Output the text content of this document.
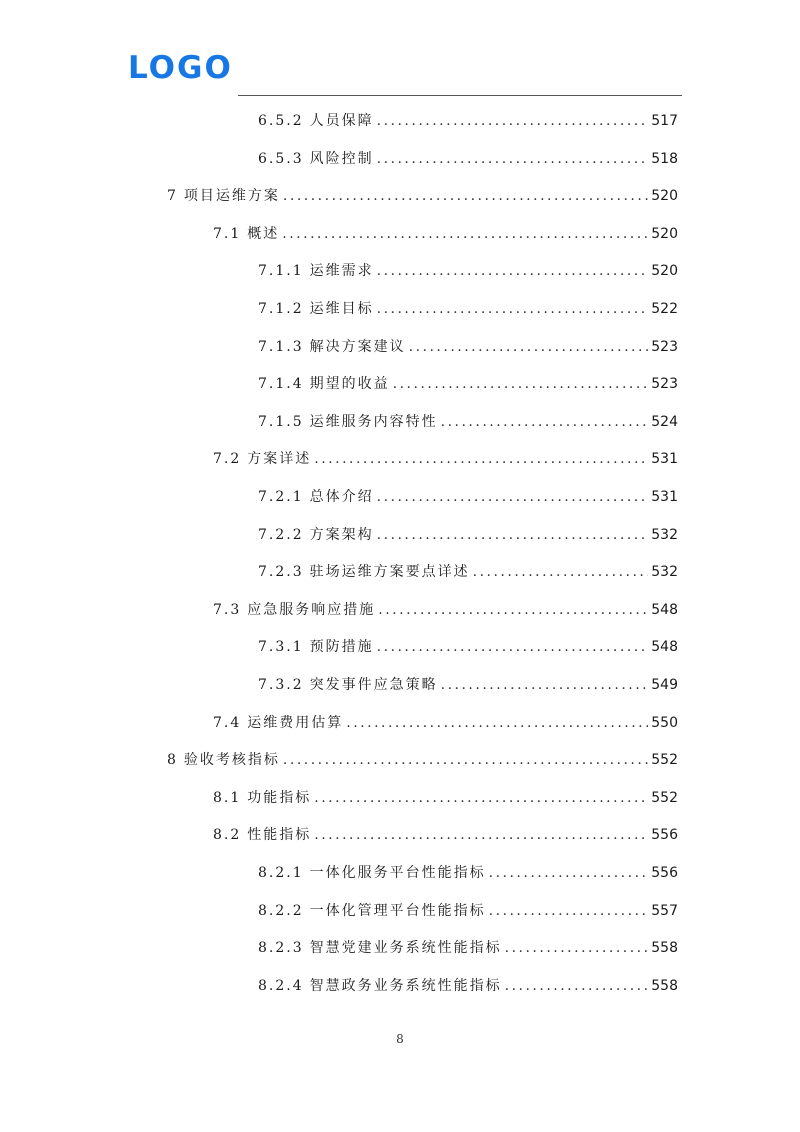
LOGO
6.5.2 人员保障 .....	517
6.5.3 风险控制 .....	518
7 项目运维方案 .....	520
7.1 概述 .....	520
7.1.1 运维需求 .....	520
7.1.2 运维目标 .....	522
7.1.3 解决方案建议 .....	523
7.1.4 期望的收益 .....	523
7.1.5 运维服务内容特性 .....	524
7.2 方案详述 .....	531
7.2.1 总体介绍 .....	531
7.2.2 方案架构 .....	532
7.2.3 驻场运维方案要点详述 .....	532
7.3 应急服务响应措施 .....	548
7.3.1 预防措施 .....	548
7.3.2 突发事件应急策略 .....	549
7.4 运维费用估算 .....	550
8 验收考核指标 .....	552
8.1 功能指标 .....	552
8.2 性能指标 .....	556
8.2.1 一体化服务平台性能指标 .....	556
8.2.2 一体化管理平台性能指标 .....	557
8.2.3 智慧党建业务系统性能指标 .....	558
8.2.4 智慧政务业务系统性能指标 .....	558
8
